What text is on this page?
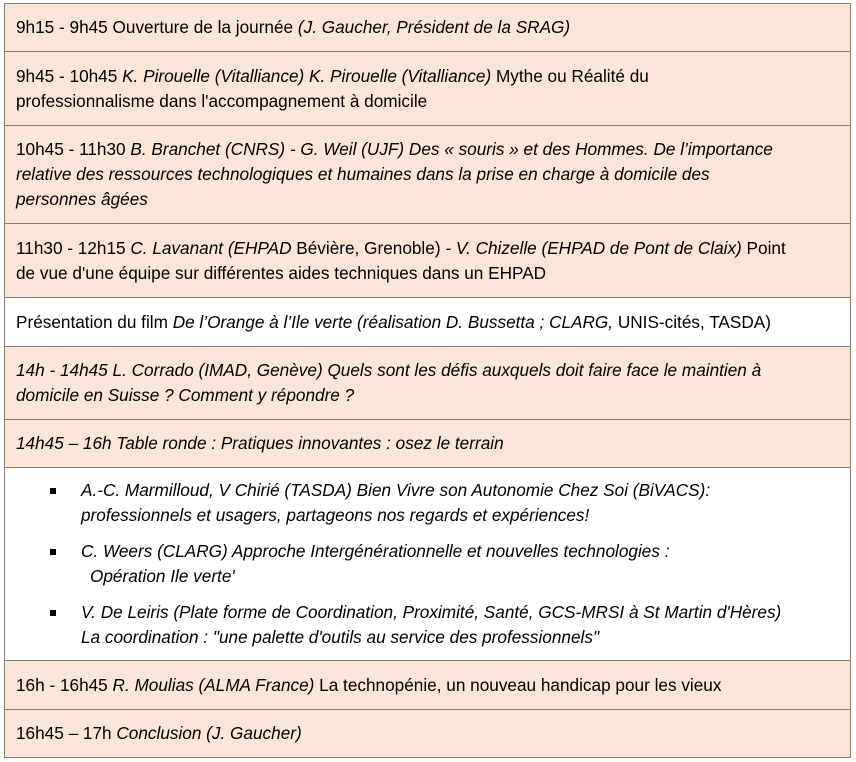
9h15 - 9h45 Ouverture de la journée (J. Gaucher, Président de la SRAG)
9h45 - 10h45 K. Pirouelle (Vitalliance) K. Pirouelle (Vitalliance) Mythe ou Réalité du
professionnalisme dans l'accompagnement à domicile
10h45 - 11h30 B. Branchet (CNRS) - G. Weil (UJF) Des « souris » et des Hommes. De l’importance
relative des ressources technologiques et humaines dans la prise en charge à domicile des
personnes âgées
11h30 - 12h15 C. Lavanant (EHPAD Bévière, Grenoble) - V. Chizelle (EHPAD de Pont de Claix) Point
de vue d'une équipe sur différentes aides techniques dans un EHPAD
Présentation du film De l’Orange à l’Ile verte (réalisation D. Bussetta ; CLARG, UNIS-cités, TASDA)
14h - 14h45 L. Corrado (IMAD, Genève) Quels sont les défis auxquels doit faire face le maintien à
domicile en Suisse ? Comment y répondre ?
14h45 – 16h Table ronde : Pratiques innovantes : osez le terrain
A.-C. Marmilloud, V Chirié (TASDA) Bien Vivre son Autonomie Chez Soi (BiVACS):
professionnels et usagers, partageons nos regards et expériences!
C. Weers (CLARG) Approche Intergénérationnelle et nouvelles technologies :
Opération Ile verte'
V. De Leiris (Plate forme de Coordination, Proximité, Santé, GCS-MRSI à St Martin d'Hères)
La coordination : "une palette d'outils au service des professionnels"
16h - 16h45 R. Moulias (ALMA France) La technopénie, un nouveau handicap pour les vieux
16h45 – 17h Conclusion (J. Gaucher)
